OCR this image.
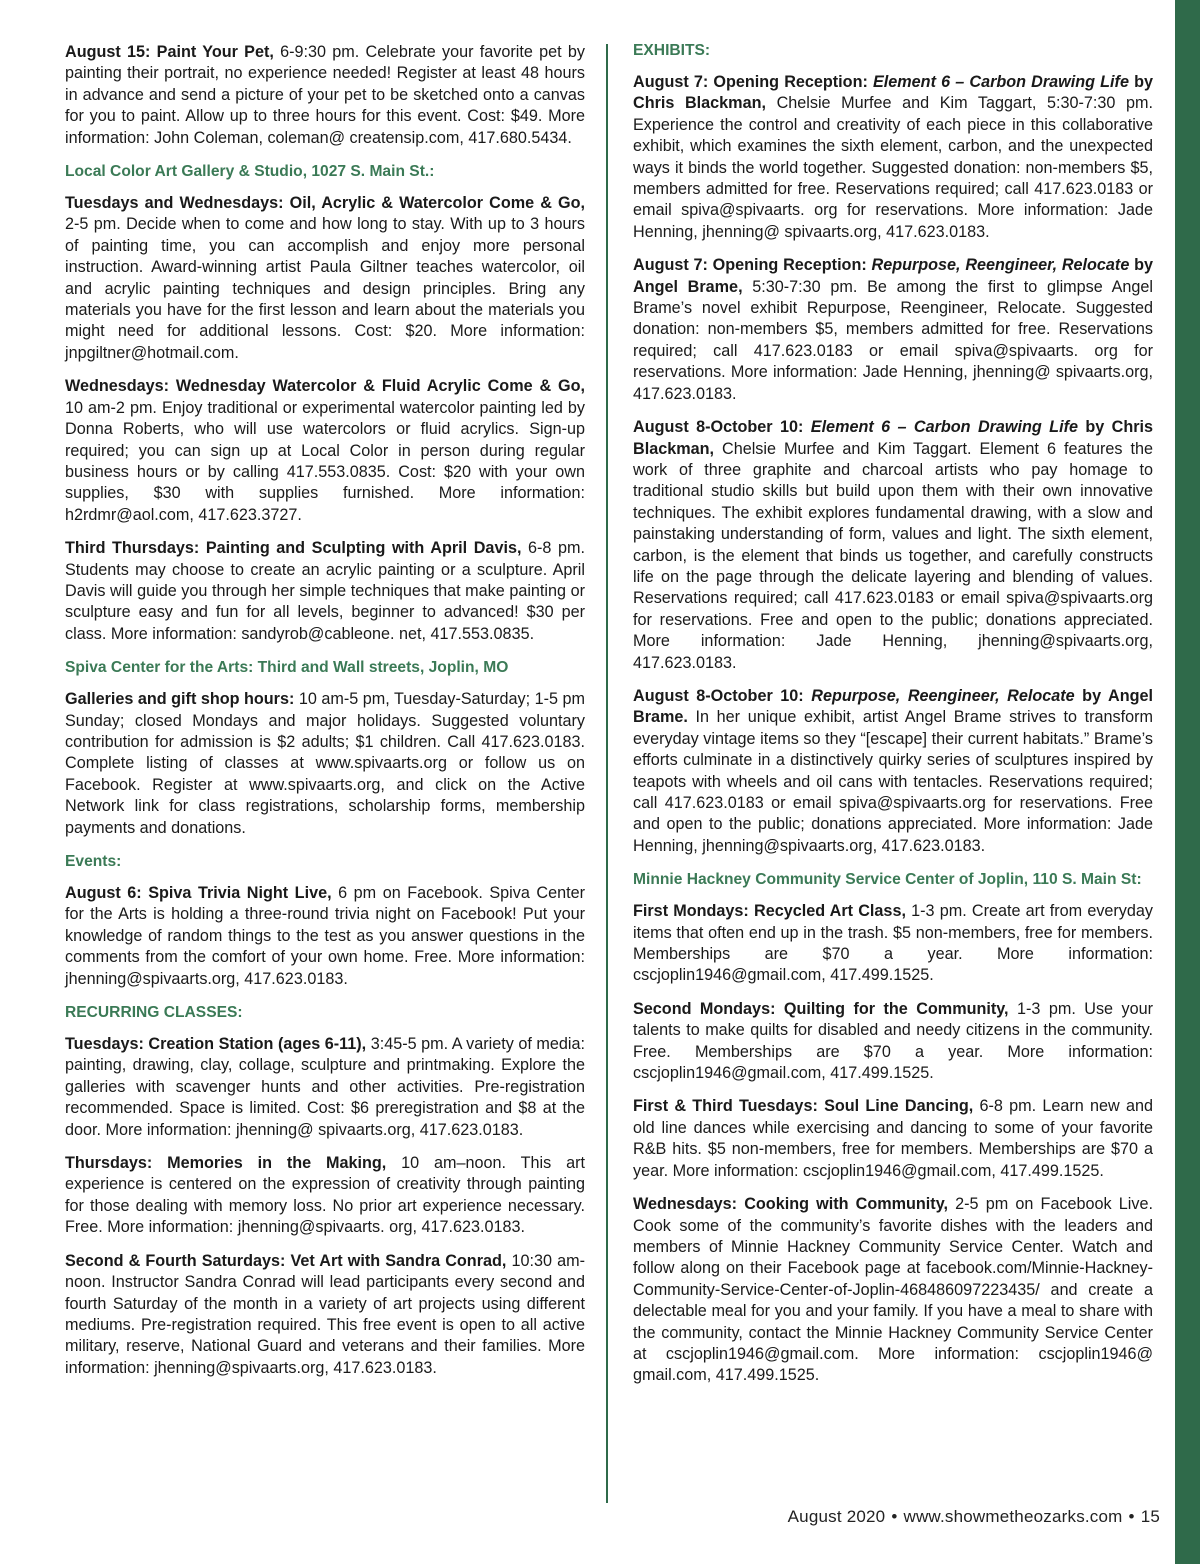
August 15: Paint Your Pet, 6-9:30 pm. Celebrate your favorite pet by painting their portrait, no experience needed! Register at least 48 hours in advance and send a picture of your pet to be sketched onto a canvas for you to paint. Allow up to three hours for this event. Cost: $49. More information: John Coleman, coleman@ creatensip.com, 417.680.5434.

Local Color Art Gallery & Studio, 1027 S. Main St.:

Tuesdays and Wednesdays: Oil, Acrylic & Watercolor Come & Go, 2-5 pm. Decide when to come and how long to stay. With up to 3 hours of painting time, you can accomplish and enjoy more personal instruction. Award-winning artist Paula Giltner teaches watercolor, oil and acrylic painting techniques and design principles. Bring any materials you have for the first lesson and learn about the materials you might need for additional lessons. Cost: $20. More information: jnpgiltner@hotmail.com.

Wednesdays: Wednesday Watercolor & Fluid Acrylic Come & Go, 10 am-2 pm. Enjoy traditional or experimental watercolor painting led by Donna Roberts, who will use watercolors or fluid acrylics. Sign-up required; you can sign up at Local Color in person during regular business hours or by calling 417.553.0835. Cost: $20 with your own supplies, $30 with supplies furnished. More information: h2rdmr@aol.com, 417.623.3727.

Third Thursdays: Painting and Sculpting with April Davis, 6-8 pm. Students may choose to create an acrylic painting or a sculpture. April Davis will guide you through her simple techniques that make painting or sculpture easy and fun for all levels, beginner to advanced! $30 per class. More information: sandyrob@cableone. net, 417.553.0835.

Spiva Center for the Arts: Third and Wall streets, Joplin, MO

Galleries and gift shop hours: 10 am-5 pm, Tuesday-Saturday; 1-5 pm Sunday; closed Mondays and major holidays. Suggested voluntary contribution for admission is $2 adults; $1 children. Call 417.623.0183. Complete listing of classes at www.spivaarts.org or follow us on Facebook. Register at www.spivaarts.org, and click on the Active Network link for class registrations, scholarship forms, membership payments and donations.

Events:

August 6: Spiva Trivia Night Live, 6 pm on Facebook. Spiva Center for the Arts is holding a three-round trivia night on Facebook! Put your knowledge of random things to the test as you answer questions in the comments from the comfort of your own home. Free. More information: jhenning@spivaarts.org, 417.623.0183.

RECURRING CLASSES:

Tuesdays: Creation Station (ages 6-11), 3:45-5 pm. A variety of media: painting, drawing, clay, collage, sculpture and printmaking. Explore the galleries with scavenger hunts and other activities. Pre-registration recommended. Space is limited. Cost: $6 preregistration and $8 at the door. More information: jhenning@ spivaarts.org, 417.623.0183.

Thursdays: Memories in the Making, 10 am–noon. This art experience is centered on the expression of creativity through painting for those dealing with memory loss. No prior art experience necessary. Free. More information: jhenning@spivaarts. org, 417.623.0183.

Second & Fourth Saturdays: Vet Art with Sandra Conrad, 10:30 am-noon. Instructor Sandra Conrad will lead participants every second and fourth Saturday of the month in a variety of art projects using different mediums. Pre-registration required. This free event is open to all active military, reserve, National Guard and veterans and their families. More information: jhenning@spivaarts.org, 417.623.0183.

EXHIBITS:

August 7: Opening Reception: Element 6 – Carbon Drawing Life by Chris Blackman, Chelsie Murfee and Kim Taggart, 5:30-7:30 pm. Experience the control and creativity of each piece in this collaborative exhibit, which examines the sixth element, carbon, and the unexpected ways it binds the world together. Suggested donation: non-members $5, members admitted for free. Reservations required; call 417.623.0183 or email spiva@spivaarts. org for reservations. More information: Jade Henning, jhenning@ spivaarts.org, 417.623.0183.

August 7: Opening Reception: Repurpose, Reengineer, Relocate by Angel Brame, 5:30-7:30 pm. Be among the first to glimpse Angel Brame’s novel exhibit Repurpose, Reengineer, Relocate. Suggested donation: non-members $5, members admitted for free. Reservations required; call 417.623.0183 or email spiva@spivaarts. org for reservations. More information: Jade Henning, jhenning@ spivaarts.org, 417.623.0183.

August 8-October 10: Element 6 – Carbon Drawing Life by Chris Blackman, Chelsie Murfee and Kim Taggart. Element 6 features the work of three graphite and charcoal artists who pay homage to traditional studio skills but build upon them with their own innovative techniques. The exhibit explores fundamental drawing, with a slow and painstaking understanding of form, values and light. The sixth element, carbon, is the element that binds us together, and carefully constructs life on the page through the delicate layering and blending of values. Reservations required; call 417.623.0183 or email spiva@spivaarts.org for reservations. Free and open to the public; donations appreciated. More information: Jade Henning, jhenning@spivaarts.org, 417.623.0183.

August 8-October 10: Repurpose, Reengineer, Relocate by Angel Brame. In her unique exhibit, artist Angel Brame strives to transform everyday vintage items so they “[escape] their current habitats.” Brame’s efforts culminate in a distinctively quirky series of sculptures inspired by teapots with wheels and oil cans with tentacles. Reservations required; call 417.623.0183 or email spiva@spivaarts.org for reservations. Free and open to the public; donations appreciated. More information: Jade Henning, jhenning@spivaarts.org, 417.623.0183.

Minnie Hackney Community Service Center of Joplin, 110 S. Main St:

First Mondays: Recycled Art Class, 1-3 pm. Create art from everyday items that often end up in the trash. $5 non-members, free for members. Memberships are $70 a year. More information: cscjoplin1946@gmail.com, 417.499.1525.

Second Mondays: Quilting for the Community, 1-3 pm. Use your talents to make quilts for disabled and needy citizens in the community. Free. Memberships are $70 a year. More information: cscjoplin1946@gmail.com, 417.499.1525.

First & Third Tuesdays: Soul Line Dancing, 6-8 pm. Learn new and old line dances while exercising and dancing to some of your favorite R&B hits. $5 non-members, free for members. Memberships are $70 a year. More information: cscjoplin1946@gmail.com, 417.499.1525.

Wednesdays: Cooking with Community, 2-5 pm on Facebook Live. Cook some of the community’s favorite dishes with the leaders and members of Minnie Hackney Community Service Center. Watch and follow along on their Facebook page at facebook.com/Minnie-Hackney-Community-Service-Center-of-Joplin-468486097223435/ and create a delectable meal for you and your family. If you have a meal to share with the community, contact the Minnie Hackney Community Service Center at cscjoplin1946@gmail.com. More information: cscjoplin1946@ gmail.com, 417.499.1525.

August 2020 • www.showmetheozarks.com • 15
